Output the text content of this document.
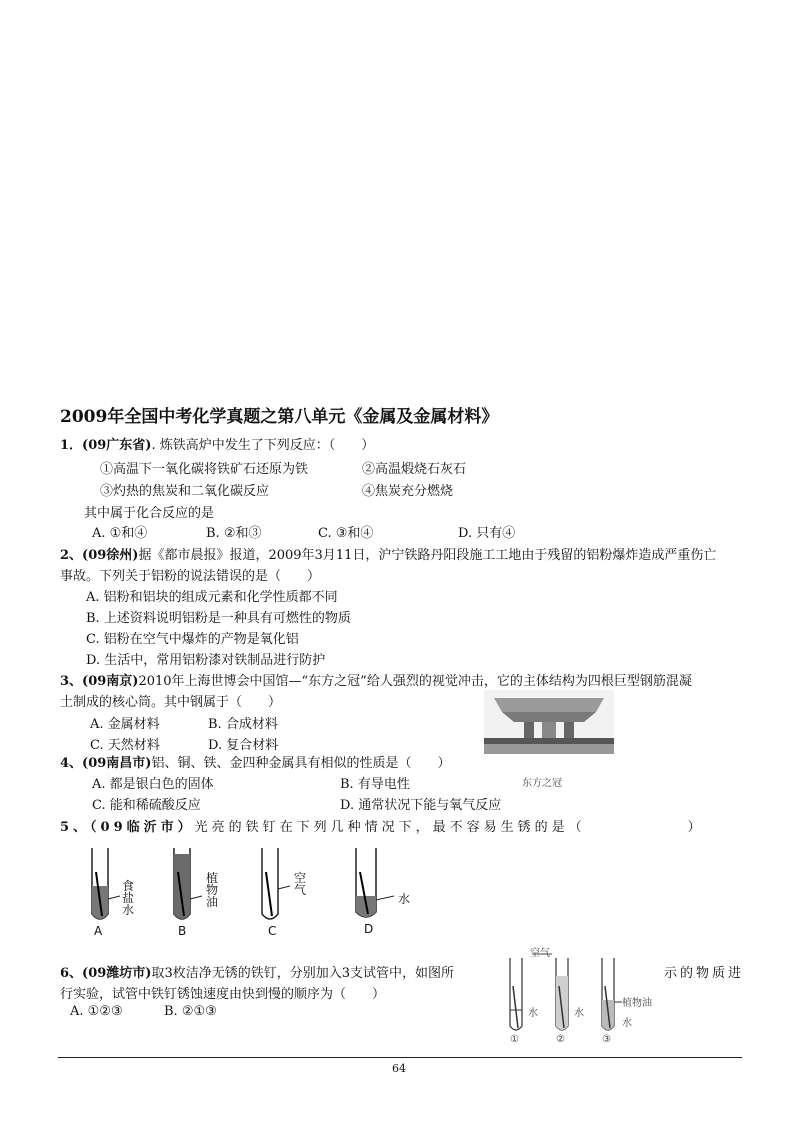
2009年全国中考化学真题之第八单元《金属及金属材料》
1．(09广东省). 炼铁高炉中发生了下列反应：（　　）
①高温下一氧化碳将铁矿石还原为铁	②高温煅烧石灰石
③灼热的焦炭和二氧化碳反应	④焦炭充分燃烧
其中属于化合反应的是
A. ①和④	B. ②和③	C. ③和④	D. 只有④
2、(09徐州)据《都市晨报》报道，2009年3月11日，沪宁铁路丹阳段施工工地由于残留的铝粉爆炸造成严重伤亡
事故。下列关于铝粉的说法错误的是（　　）
A. 铝粉和铝块的组成元素和化学性质都不同
B. 上述资料说明铝粉是一种具有可燃性的物质
C. 铝粉在空气中爆炸的产物是氧化铝
D. 生活中，常用铝粉漆对铁制品进行防护
3、(09南京)2010年上海世博会中国馆—“东方之冠”给人强烈的视觉冲击，它的主体结构为四根巨型钢筋混凝
土制成的核心筒。其中钢属于（　　）
A. 金属材料	B. 合成材料
C. 天然材料	D. 复合材料
东方之冠
4、(09南昌市)铝、铜、铁、金四种金属具有相似的性质是（　　）
A. 都是银白色的固体	B. 有导电性
C. 能和稀硫酸反应	D. 通常状况下能与氧气反应
5、（09临沂市）光亮的铁钉在下列几种情况下，最不容易生锈的是（　　　　　　）
食盐水
植物油
空气
水
A	B	C	D
6、(09潍坊市)取3枚洁净无锈的铁钉，分别加入3支试管中，如图所	示的物质进
行实验，试管中铁钉锈蚀速度由快到慢的顺序为（　　）
A. ①②③	B. ②①③
空气
水	水
植物油
水
①	②	③
64
